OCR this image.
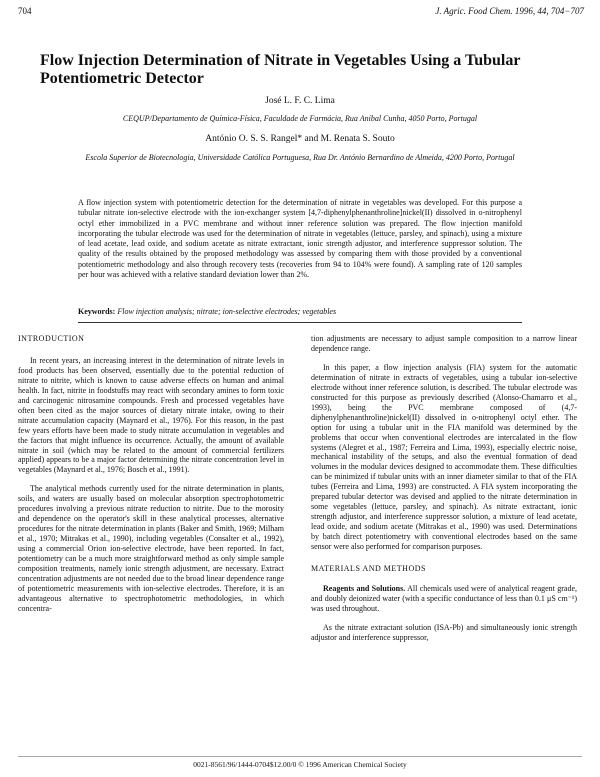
704	J. Agric. Food Chem. 1996, 44, 704−707
Flow Injection Determination of Nitrate in Vegetables Using a Tubular Potentiometric Detector
José L. F. C. Lima
CEQUP/Departamento de Química-Física, Faculdade de Farmácia, Rua Aníbal Cunha, 4050 Porto, Portugal
António O. S. S. Rangel* and M. Renata S. Souto
Escola Superior de Biotecnologia, Universidade Católica Portuguesa, Rua Dr. António Bernardino de Almeida, 4200 Porto, Portugal

A flow injection system with potentiometric detection for the determination of nitrate in vegetables was developed. For this purpose a tubular nitrate ion-selective electrode with the ion-exchanger system [4,7-diphenylphenanthroline]nickel(II) dissolved in o-nitrophenyl octyl ether immobilized in a PVC membrane and without inner reference solution was prepared. The flow injection manifold incorporating the tubular electrode was used for the determination of nitrate in vegetables (lettuce, parsley, and spinach), using a mixture of lead acetate, lead oxide, and sodium acetate as nitrate extractant, ionic strength adjustor, and interference suppressor solution. The quality of the results obtained by the proposed methodology was assessed by comparing them with those provided by a conventional potentiometric methodology and also through recovery tests (recoveries from 94 to 104% were found). A sampling rate of 120 samples per hour was achieved with a relative standard deviation lower than 2%.

Keywords: Flow injection analysis; nitrate; ion-selective electrodes; vegetables
INTRODUCTION

In recent years, an increasing interest in the determination of nitrate levels in food products has been observed, essentially due to the potential reduction of nitrate to nitrite, which is known to cause adverse effects on human and animal health. In fact, nitrite in foodstuffs may react with secondary amines to form toxic and carcinogenic nitrosamine compounds. Fresh and processed vegetables have often been cited as the major sources of dietary nitrate intake, owing to their nitrate accumulation capacity (Maynard et al., 1976). For this reason, in the past few years efforts have been made to study nitrate accumulation in vegetables and the factors that might influence its occurrence. Actually, the amount of available nitrate in soil (which may be related to the amount of commercial fertilizers applied) appears to be a major factor determining the nitrate concentration level in vegetables (Maynard et al., 1976; Bosch et al., 1991).

The analytical methods currently used for the nitrate determination in plants, soils, and waters are usually based on molecular absorption spectrophotometric procedures involving a previous nitrate reduction to nitrite. Due to the morosity and dependence on the operator's skill in these analytical processes, alternative procedures for the nitrate determination in plants (Baker and Smith, 1969; Milham et al., 1970; Mitrakas et al., 1990), including vegetables (Consalter et al., 1992), using a commercial Orion ion-selective electrode, have been reported. In fact, potentiometry can be a much more straightforward method as only simple sample composition treatments, namely ionic strength adjustment, are necessary. Extract concentration adjustments are not needed due to the broad linear dependence range of potentiometric measurements with ion-selective electrodes. Therefore, it is an advantageous alternative to spectrophotometric methodologies, in which concentra-

tion adjustments are necessary to adjust sample composition to a narrow linear dependence range.

In this paper, a flow injection analysis (FIA) system for the automatic determination of nitrate in extracts of vegetables, using a tubular ion-selective electrode without inner reference solution, is described. The tubular electrode was constructed for this purpose as previously described (Alonso-Chamarro et al., 1993), being the PVC membrane composed of (4,7-diphenylphenanthroline)nickel(II) dissolved in o-nitrophenyl octyl ether. The option for using a tubular unit in the FIA manifold was determined by the problems that occur when conventional electrodes are intercalated in the flow systems (Alegret et al., 1987; Ferreira and Lima, 1993), especially electric noise, mechanical instability of the setups, and also the eventual formation of dead volumes in the modular devices designed to accommodate them. These difficulties can be minimized if tubular units with an inner diameter similar to that of the FIA tubes (Ferreira and Lima, 1993) are constructed. A FIA system incorporating the prepared tubular detector was devised and applied to the nitrate determination in some vegetables (lettuce, parsley, and spinach). As nitrate extractant, ionic strength adjustor, and interference suppressor solution, a mixture of lead acetate, lead oxide, and sodium acetate (Mitrakas et al., 1990) was used. Determinations by batch direct potentiometry with conventional electrodes based on the same sensor were also performed for comparison purposes.

MATERIALS AND METHODS

Reagents and Solutions. All chemicals used were of analytical reagent grade, and doubly deionized water (with a specific conductance of less than 0.1 μS cm⁻¹) was used throughout.

As the nitrate extractant solution (ISA-Pb) and simultaneously ionic strength adjustor and interference suppressor,

0021-8561/96/1444-0704$12.00/0 © 1996 American Chemical Society
